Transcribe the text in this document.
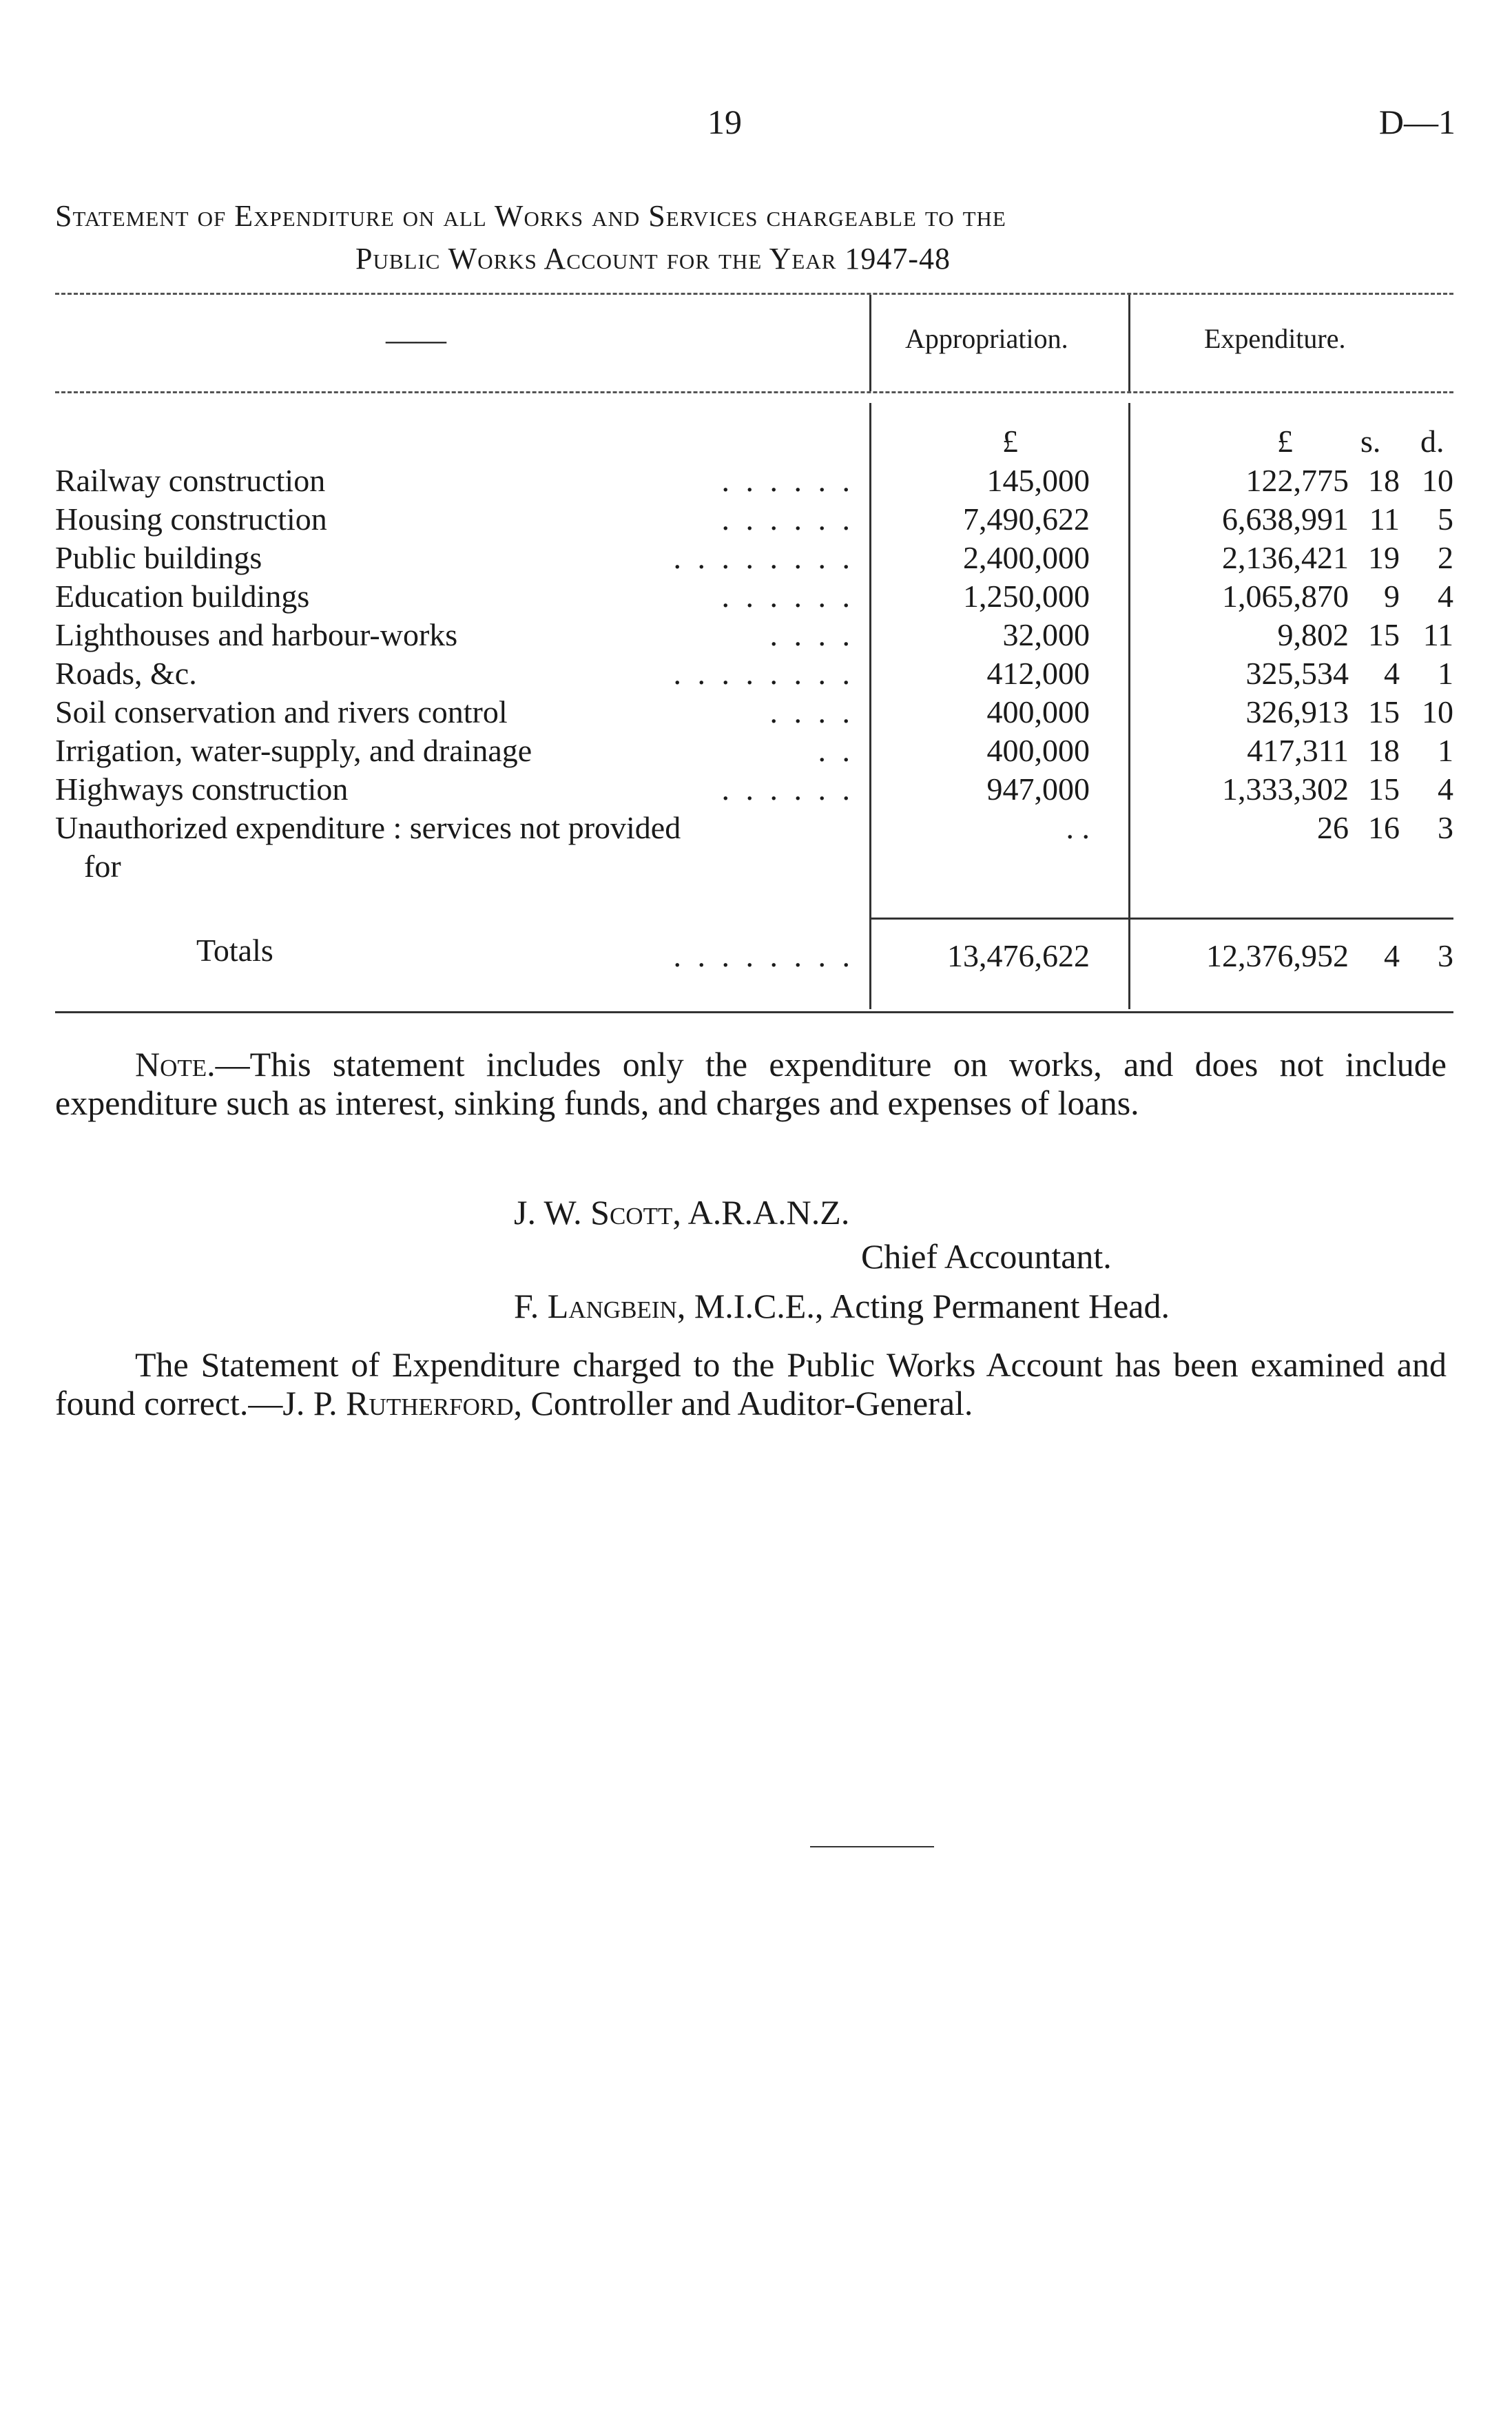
19	D—1
Statement of Expenditure on all Works and Services chargeable to the
Public Works Account for the Year 1947-48
——	Appropriation.	Expenditure.
£	£ s. d.
Railway construction	. . . . . .	145,000	122,775 18 10
Housing construction	. . . . . .	7,490,622	6,638,991 11	5
Public buildings	. . . . . . . .	2,400,000	2,136,421 19	2
Education buildings	. . . . . .	1,250,000	1,065,870	9	4
Lighthouses and harbour-works	. . . .	32,000	9,802 15 11
Roads, &c.	. . . . . . . .	412,000	325,534	4	1
Soil conservation and rivers control	. . . .	400,000	326,913 15 10
Irrigation, water-supply, and drainage	. .	400,000	417,311 18	1
Highways construction	. . . . . .	947,000	1,333,302 15	4
Unauthorized expenditure : services not provided
for
. .	26 16	3
Totals	. . . . . . . .	13,476,622	12,376,952	4	3
Note.—This statement includes only the expenditure on works, and does not include expenditure such as interest, sinking funds, and charges and expenses of loans.
J. W. Scott, A.R.A.N.Z.
Chief Accountant.
F. Langbein, M.I.C.E., Acting Permanent Head.
The Statement of Expenditure charged to the Public Works Account has been examined and found correct.—J. P. Rutherford, Controller and Auditor-General.
